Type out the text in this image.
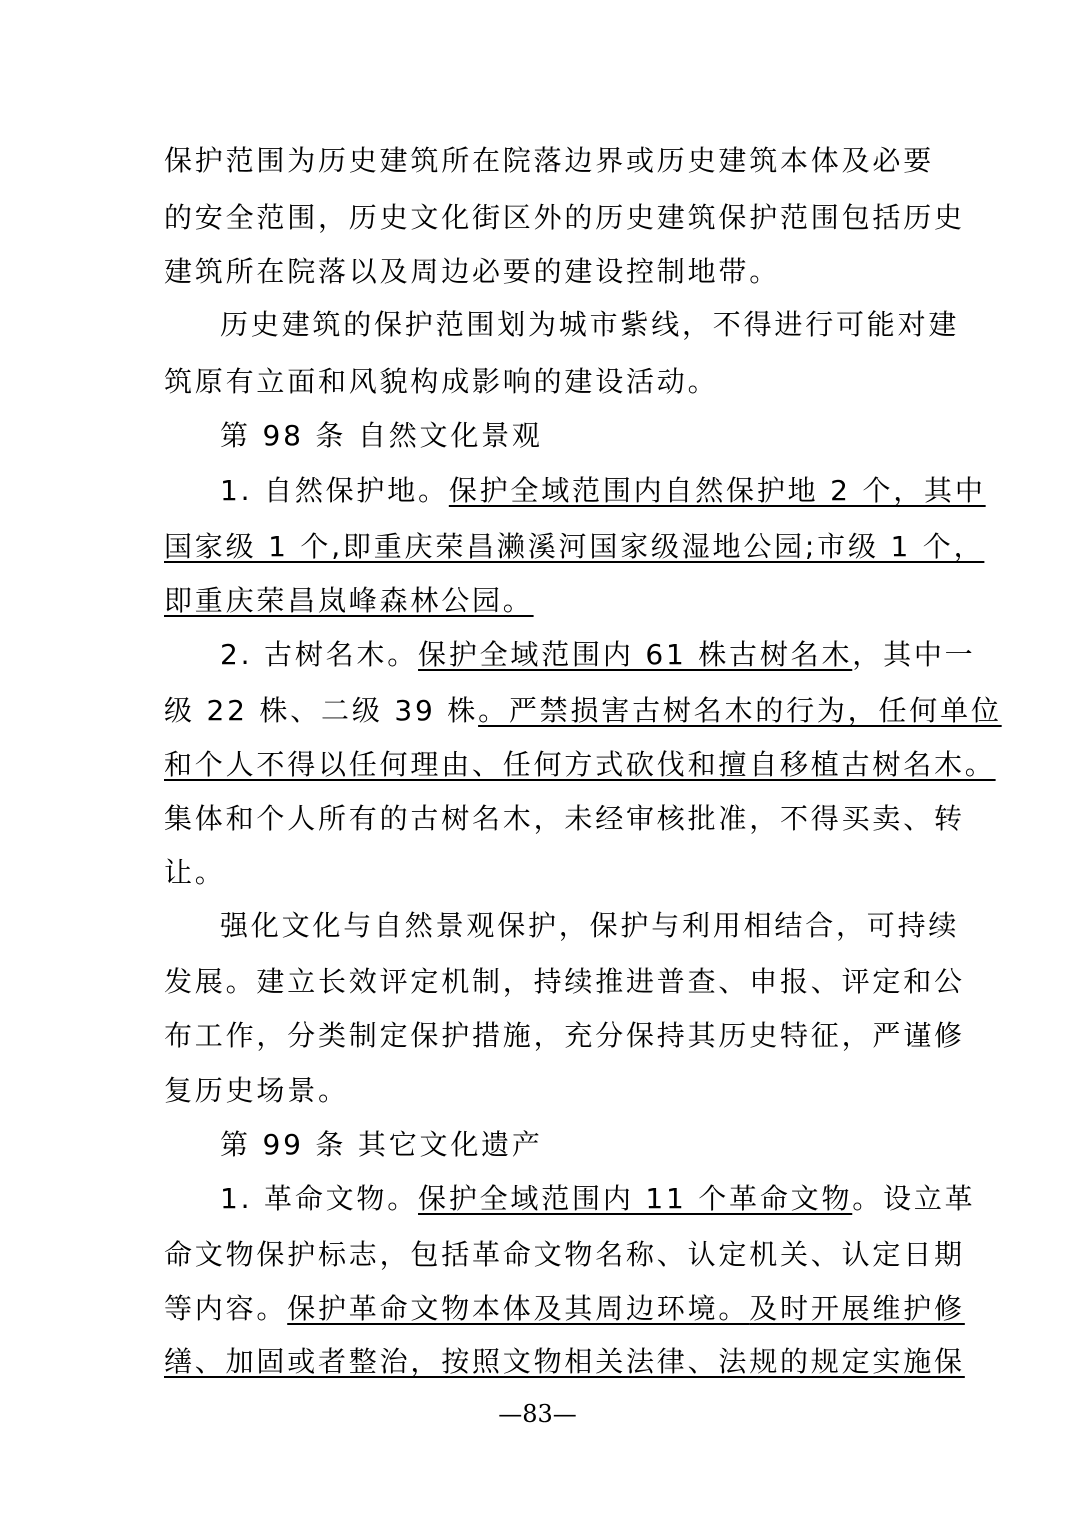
保护范围为历史建筑所在院落边界或历史建筑本体及必要
的安全范围，历史文化街区外的历史建筑保护范围包括历史
建筑所在院落以及周边必要的建设控制地带。
历史建筑的保护范围划为城市紫线，不得进行可能对建
筑原有立面和风貌构成影响的建设活动。
第 98 条 自然文化景观
1. 自然保护地。保护全域范围内自然保护地 2 个，其中
国家级 1 个,即重庆荣昌濑溪河国家级湿地公园;市级 1 个，
即重庆荣昌岚峰森林公园。
2. 古树名木。保护全域范围内 61 株古树名木，其中一
级 22 株、二级 39 株。严禁损害古树名木的行为，任何单位
和个人不得以任何理由、任何方式砍伐和擅自移植古树名木。
集体和个人所有的古树名木，未经审核批准，不得买卖、转
让。
强化文化与自然景观保护，保护与利用相结合，可持续
发展。建立长效评定机制，持续推进普查、申报、评定和公
布工作，分类制定保护措施，充分保持其历史特征，严谨修
复历史场景。
第 99 条 其它文化遗产
1. 革命文物。保护全域范围内 11 个革命文物。设立革
命文物保护标志，包括革命文物名称、认定机关、认定日期
等内容。保护革命文物本体及其周边环境。及时开展维护修
缮、加固或者整治，按照文物相关法律、法规的规定实施保
—83—
